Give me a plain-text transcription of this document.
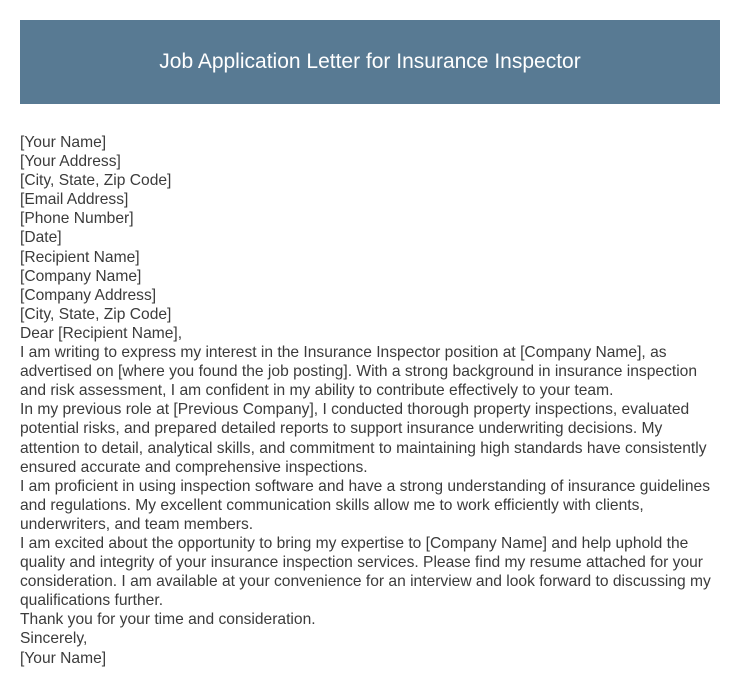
Job Application Letter for Insurance Inspector

[Your Name]

[Your Address]

[City, State, Zip Code]

[Email Address]

[Phone Number]

[Date]

[Recipient Name]

[Company Name]

[Company Address]

[City, State, Zip Code]

Dear [Recipient Name],

I am writing to express my interest in the Insurance Inspector position at [Company Name], as advertised on [where you found the job posting]. With a strong background in insurance inspection and risk assessment, I am confident in my ability to contribute effectively to your team.

In my previous role at [Previous Company], I conducted thorough property inspections, evaluated potential risks, and prepared detailed reports to support insurance underwriting decisions. My attention to detail, analytical skills, and commitment to maintaining high standards have consistently ensured accurate and comprehensive inspections.

I am proficient in using inspection software and have a strong understanding of insurance guidelines and regulations. My excellent communication skills allow me to work efficiently with clients, underwriters, and team members.

I am excited about the opportunity to bring my expertise to [Company Name] and help uphold the quality and integrity of your insurance inspection services. Please find my resume attached for your consideration. I am available at your convenience for an interview and look forward to discussing my qualifications further.

Thank you for your time and consideration.

Sincerely,

[Your Name]
